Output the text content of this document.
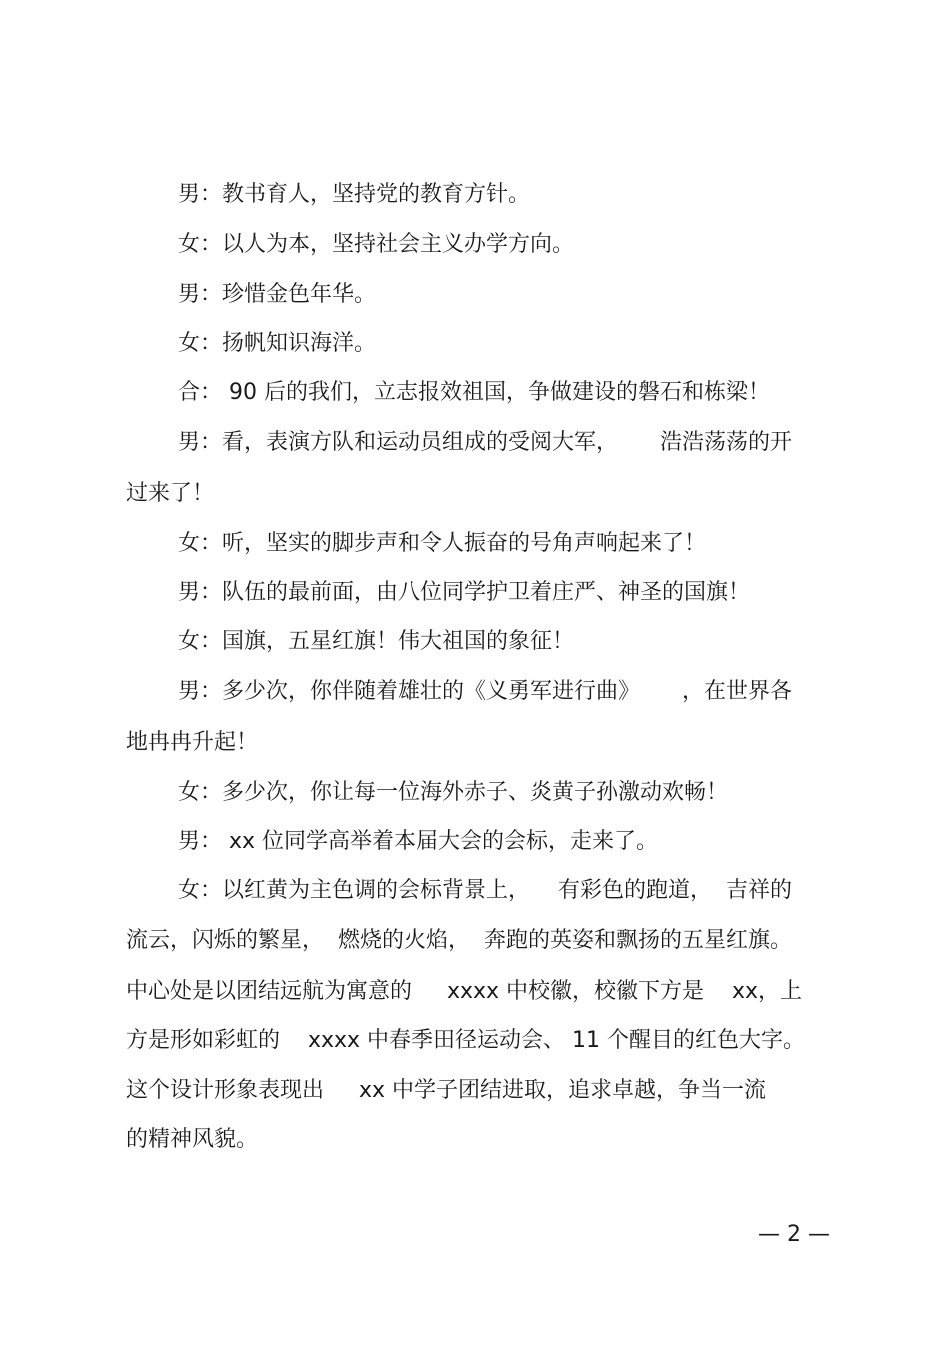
男：教书育人，坚持党的教育方针。
女：以人为本，坚持社会主义办学方向。
男：珍惜金色年华。
女：扬帆知识海洋。
合： 90 后的我们，立志报效祖国，争做建设的磐石和栋梁！
男：看，表演方队和运动员组成的受阅大军，      浩浩荡荡的开
过来了！
女：听，坚实的脚步声和令人振奋的号角声响起来了！
男：队伍的最前面，由八位同学护卫着庄严、神圣的国旗！
女：国旗，五星红旗！伟大祖国的象征！
男：多少次，你伴随着雄壮的《义勇军进行曲》      ，在世界各
地冉冉升起！
女：多少次，你让每一位海外赤子、炎黄子孙激动欢畅！
男： xx 位同学高举着本届大会的会标，走来了。
女：以红黄为主色调的会标背景上，    有彩色的跑道，  吉祥的
流云，闪烁的繁星，  燃烧的火焰，  奔跑的英姿和飘扬的五星红旗。
中心处是以团结远航为寓意的     xxxx 中校徽，校徽下方是    xx，上
方是形如彩虹的    xxxx 中春季田径运动会、 11 个醒目的红色大字。
这个设计形象表现出     xx 中学子团结进取，追求卓越，争当一流
的精神风貌。
— 2 —
